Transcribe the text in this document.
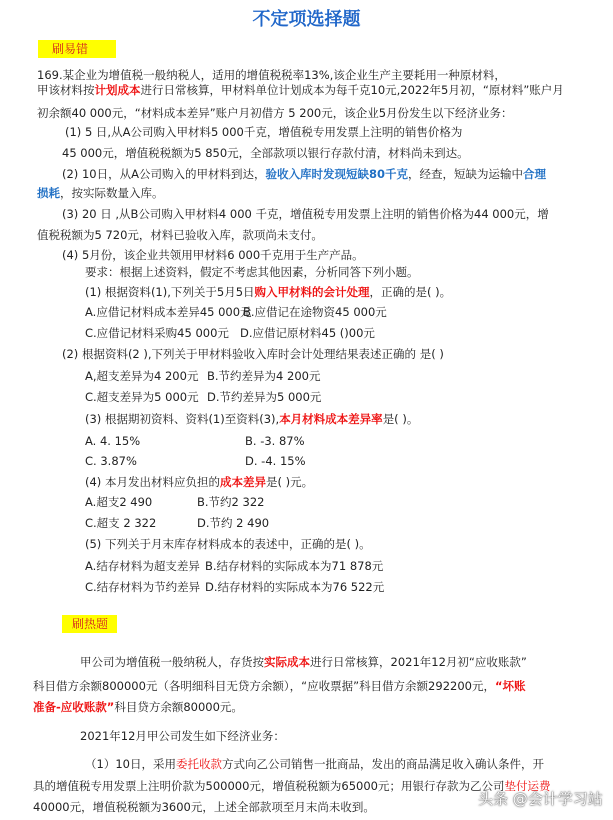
不定项选择题
刷易错
刷热题
169.某企业为增值税一般纳税人，适用的增值税税率13%,该企业生产主要耗用一种原材料，
甲该材料按计划成本进行日常核算，甲材料单位计划成本为每千克10元,2022年5月初，“原材料”账户月
初余额40 000元，“材料成本差异”账户月初借方 5 200元，该企业5月份发生以下经济业务：
(1) 5 日,从A公司购入甲材料5 000千克，增值税专用发票上注明的销售价格为
45 000元，增值税税额为5 850元，全部款项以银行存款付清，材料尚未到达。
(2) 10日，从A公司购入的甲材料到达，验收入库时发现短缺80千克，经查，短缺为运输中合理
损耗，按实际数量入库。
(3) 20 日 ,从B公司购入甲材料4 000 千克，增值税专用发票上注明的销售价格为44 000元，增
值税税额为5 720元，材料已验收入库，款项尚未支付。
(4) 5月份，该企业共领用甲材料6 000千克用于生产产品。
要求：根据上述资料，假定不考虑其他因素，分析同答下列小题。
(1) 根据资料(1),下列关于5月5日购入甲材料的会计处理，正确的是( )。
A.应借记材料成本差异45 000元
B.应借记在途物资45 000元
C.应借记材料采购45 000元 D.应借记原材料45 ()00元
(2) 根据资料(2 ),下列关于甲材料验收入库时会计处理结果表述正确的 是( )
A,超支差异为4 200元 B.节约差异为4 200元
C.超支差异为5 000元 D.节约差异为5 000元
(3) 根据期初资料、资料(1)至资料(3),本月材料成本差异率是( )。
A. 4. 15%	B. -3. 87%
C. 3.87%	D. -4. 15%
(4) 本月发出材料应负担的成本差异是( )元。
A.超支2 490	B.节约2 322
C.超支 2 322	D.节约 2 490
(5) 下列关于月末库存材料成本的表述中，正确的是( )。
A.结存材料为超支差异 B.结存材料的实际成本为71 878元
C.结存材料为节约差异 D.结存材料的实际成本为76 522元
甲公司为增值税一般纳税人，存货按实际成本进行日常核算，2021年12月初“应收账款”
科目借方余额800000元（各明细科目无贷方余额），“应收票据”科目借方余额292200元，“坏账
准备-应收账款”科目贷方余额80000元。
2021年12月甲公司发生如下经济业务：
（1）10日，采用委托收款方式向乙公司销售一批商品，发出的商品满足收入确认条件，开
具的增值税专用发票上注明价款为500000元，增值税税额为65000元；用银行存款为乙公司垫付运费
40000元，增值税税额为3600元，上述全部款项至月末尚未收到。	头条 @会计学习站
